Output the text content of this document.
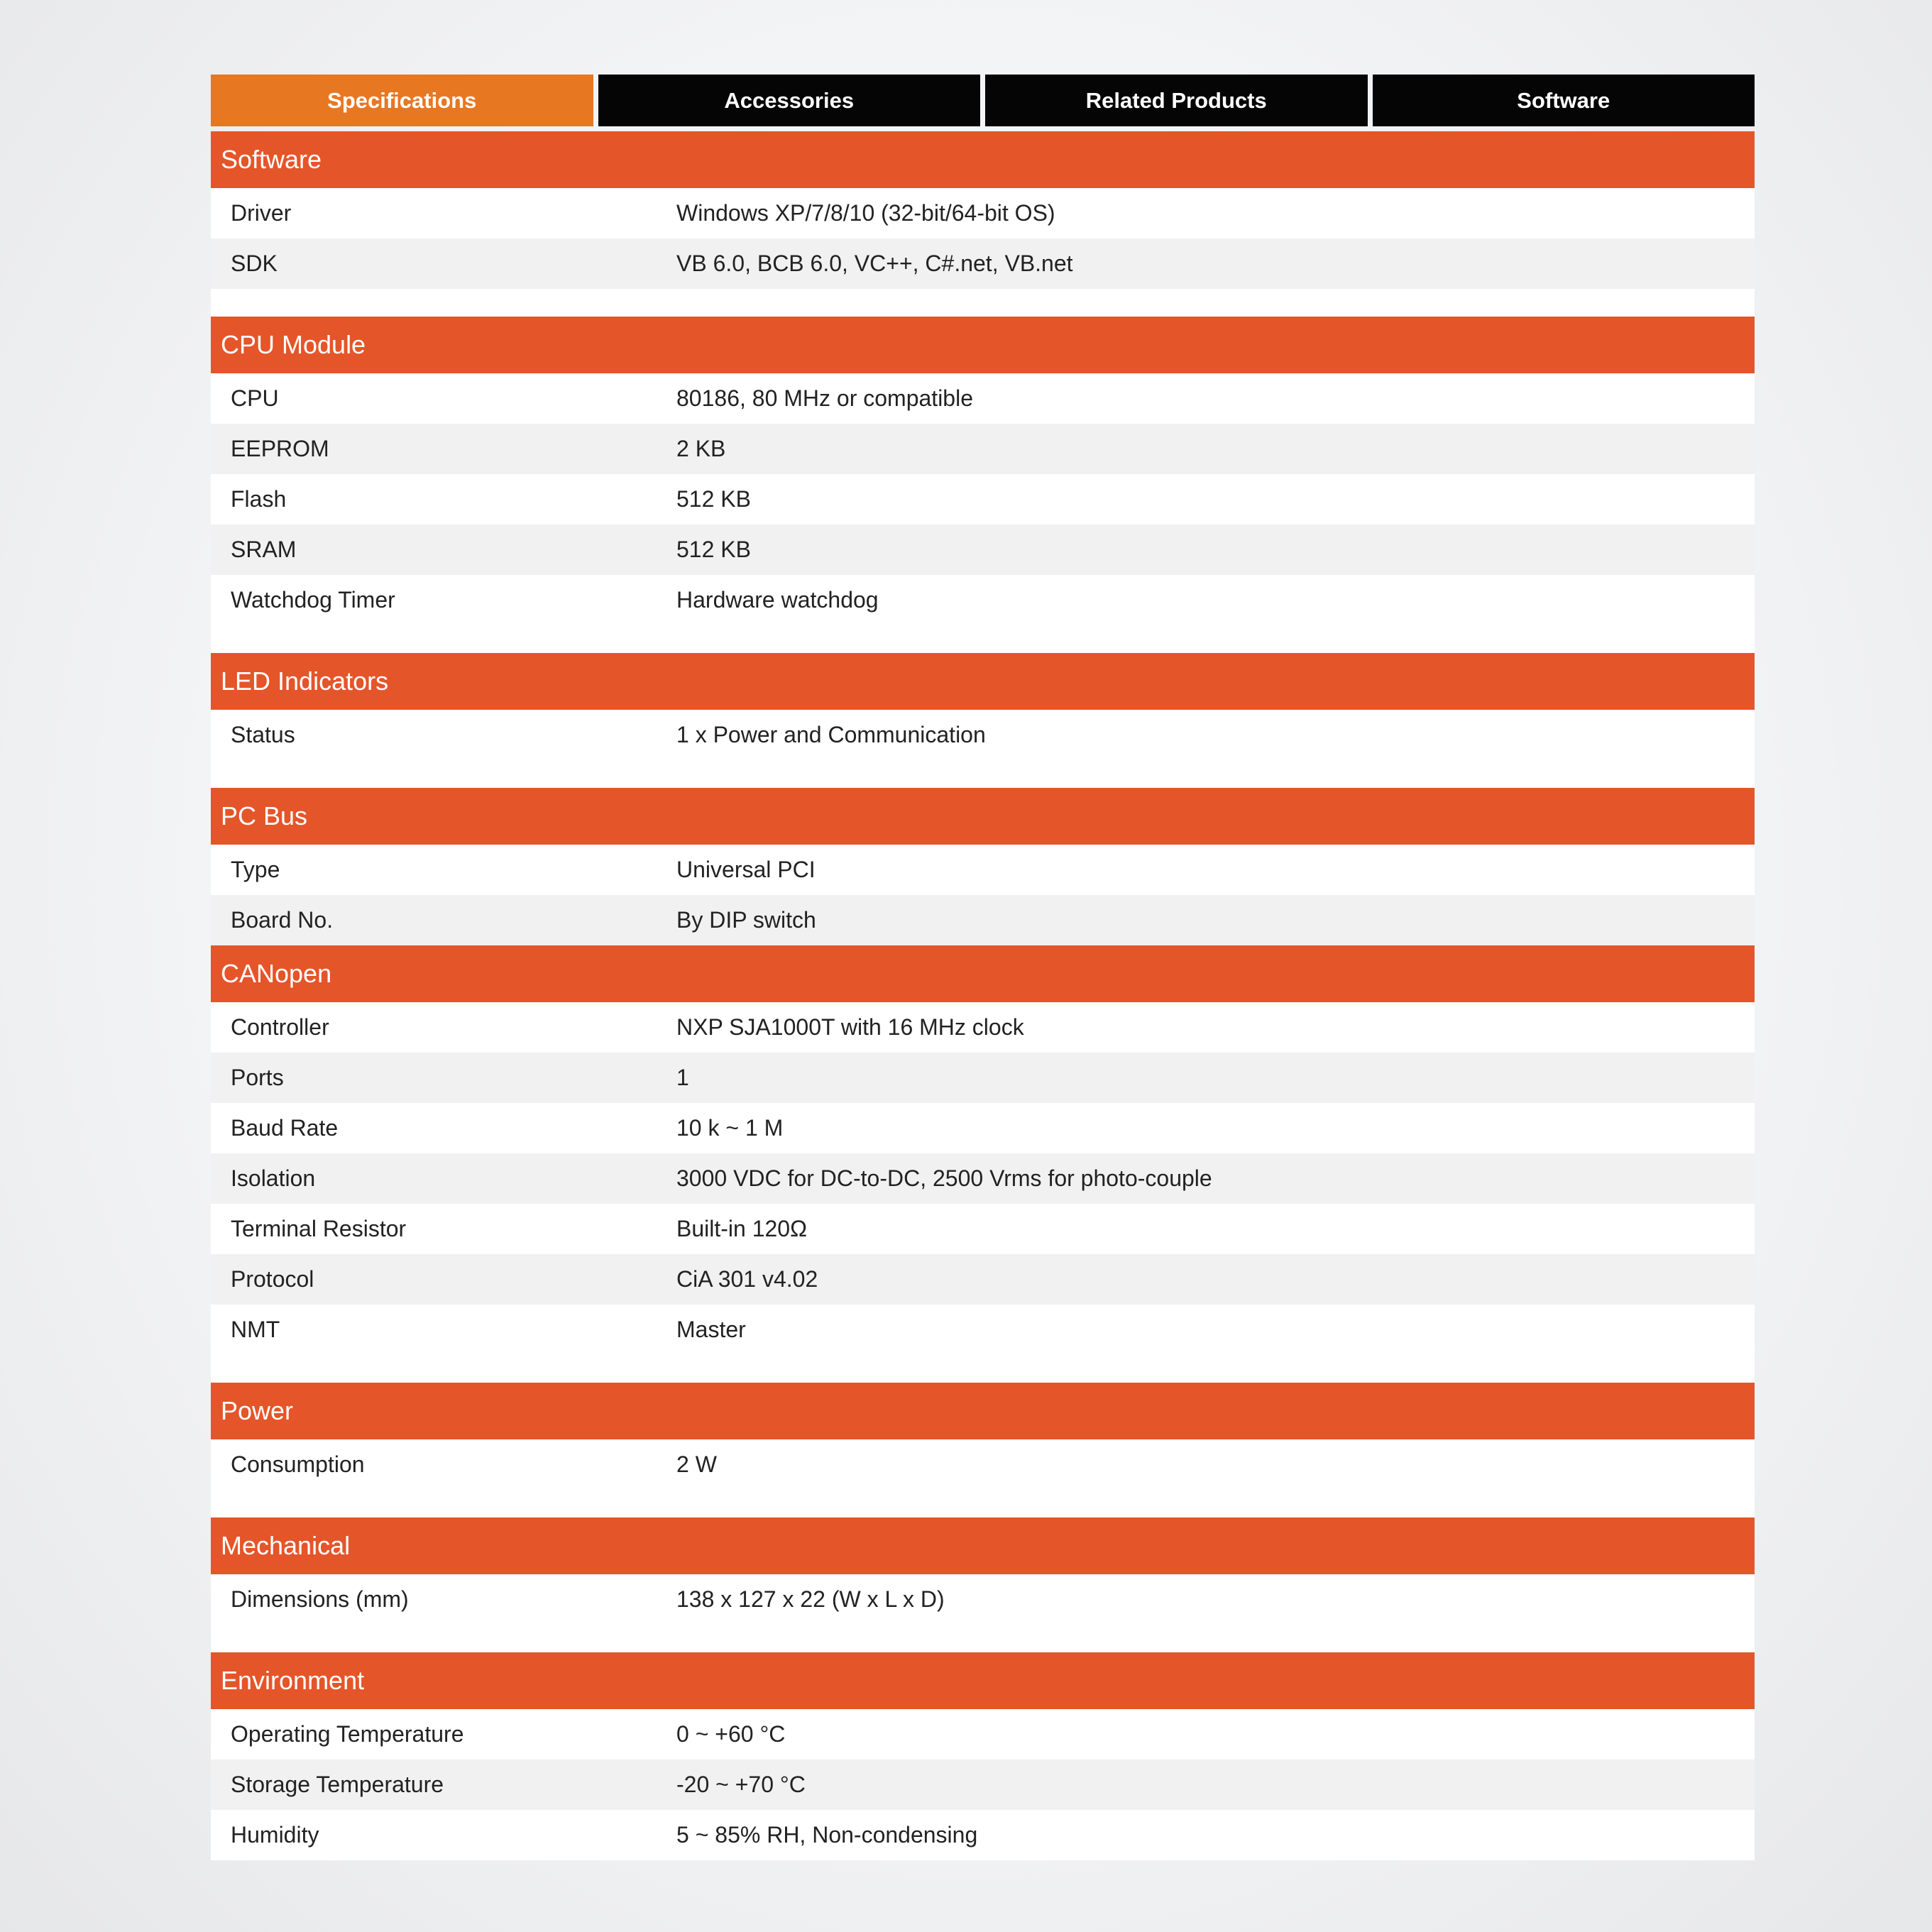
Specifications	Accessories	Related Products	Software
Software
Driver	Windows XP/7/8/10 (32-bit/64-bit OS)
SDK	VB 6.0, BCB 6.0, VC++, C#.net, VB.net
CPU Module
CPU	80186, 80 MHz or compatible
EEPROM	2 KB
Flash	512 KB
SRAM	512 KB
Watchdog Timer	Hardware watchdog
LED Indicators
Status	1 x Power and Communication
PC Bus
Type	Universal PCI
Board No.	By DIP switch
CANopen
Controller	NXP SJA1000T with 16 MHz clock
Ports	1
Baud Rate	10 k ~ 1 M
Isolation	3000 VDC for DC-to-DC, 2500 Vrms for photo-couple
Terminal Resistor	Built-in 120Ω
Protocol	CiA 301 v4.02
NMT	Master
Power
Consumption	2 W
Mechanical
Dimensions (mm)	138 x 127 x 22 (W x L x D)
Environment
Operating Temperature	0 ~ +60 °C
Storage Temperature	-20 ~ +70 °C
Humidity	5 ~ 85% RH, Non-condensing
